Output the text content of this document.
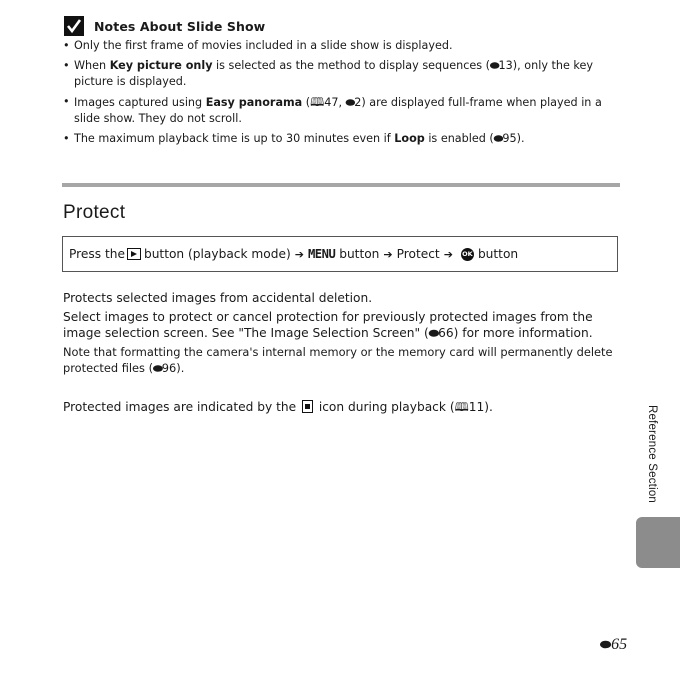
Notes About Slide Show
• Only the first frame of movies included in a slide show is displayed.
• When Key picture only is selected as the method to display sequences (⬬13), only the key picture is displayed.
• Images captured using Easy panorama (🕮47, ⬬2) are displayed full-frame when played in a slide show. They do not scroll.
• The maximum playback time is up to 30 minutes even if Loop is enabled (⬬95).
Protect
Press the button (playback mode) ➔ MENU
button ➔ Protect ➔ OK button
Protects selected images from accidental deletion.
Select images to protect or cancel protection for previously protected images from the image selection screen. See "The Image Selection Screen" (⬬66) for more information.
Note that formatting the camera's internal memory or the memory card will permanently delete protected files (⬬96).
Protected images are indicated by the icon during playback (🕮11).	Reference Section
⬬ 65
